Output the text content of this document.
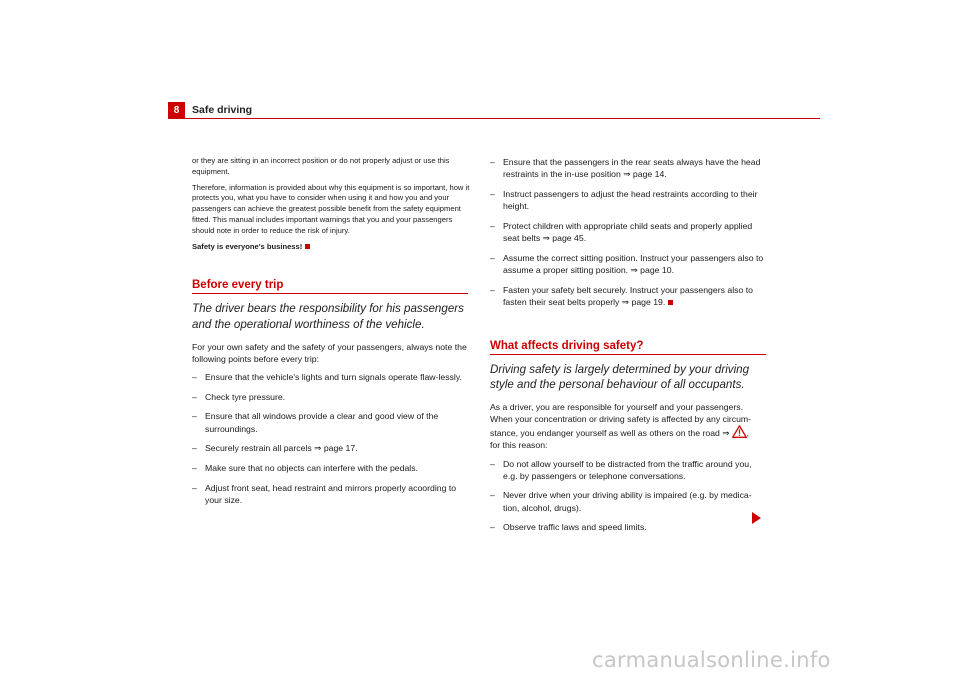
8	Safe driving

or they are sitting in an incorrect position or do not properly adjust or use this equipment.

Therefore, information is provided about why this equipment is so important, how it protects you, what you have to consider when using it and how you and your passengers can achieve the greatest possible benefit from the safety equipment fitted. This manual includes important warnings that you and your passengers should note in order to reduce the risk of injury.

Safety is everyone's business!

Before every trip

The driver bears the responsibility for his passengers and the operational worthiness of the vehicle.

For your own safety and the safety of your passengers, always note the following points before every trip:

– Ensure that the vehicle's lights and turn signals operate flaw-lessly.
– Check tyre pressure.
– Ensure that all windows provide a clear and good view of the surroundings.
– Securely restrain all parcels ⇒ page 17.
– Make sure that no objects can interfere with the pedals.
– Adjust front seat, head restraint and mirrors properly acoording to your size.
– Ensure that the passengers in the rear seats always have the head restraints in the in-use position ⇒ page 14.
– Instruct passengers to adjust the head restraints according to their height.
– Protect children with appropriate child seats and properly applied seat belts ⇒ page 45.
– Assume the correct sitting position. Instruct your passengers also to assume a proper sitting position. ⇒ page 10.
– Fasten your safety belt securely. Instruct your passengers also to fasten their seat belts properly ⇒ page 19.
What affects driving safety?

Driving safety is largely determined by your driving style and the personal behaviour of all occupants.

As a driver, you are responsible for yourself and your passengers. When your concentration or driving safety is affected by any circum-stance, you endanger yourself as well as others on the road ⇒ ,
for this reason:

– Do not allow yourself to be distracted from the traffic around you, e.g. by passengers or telephone conversations.
– Never drive when your driving ability is impaired (e.g. by medica-tion, alcohol, drugs).
– Observe traffic laws and speed limits.
carmanualsonline.info
